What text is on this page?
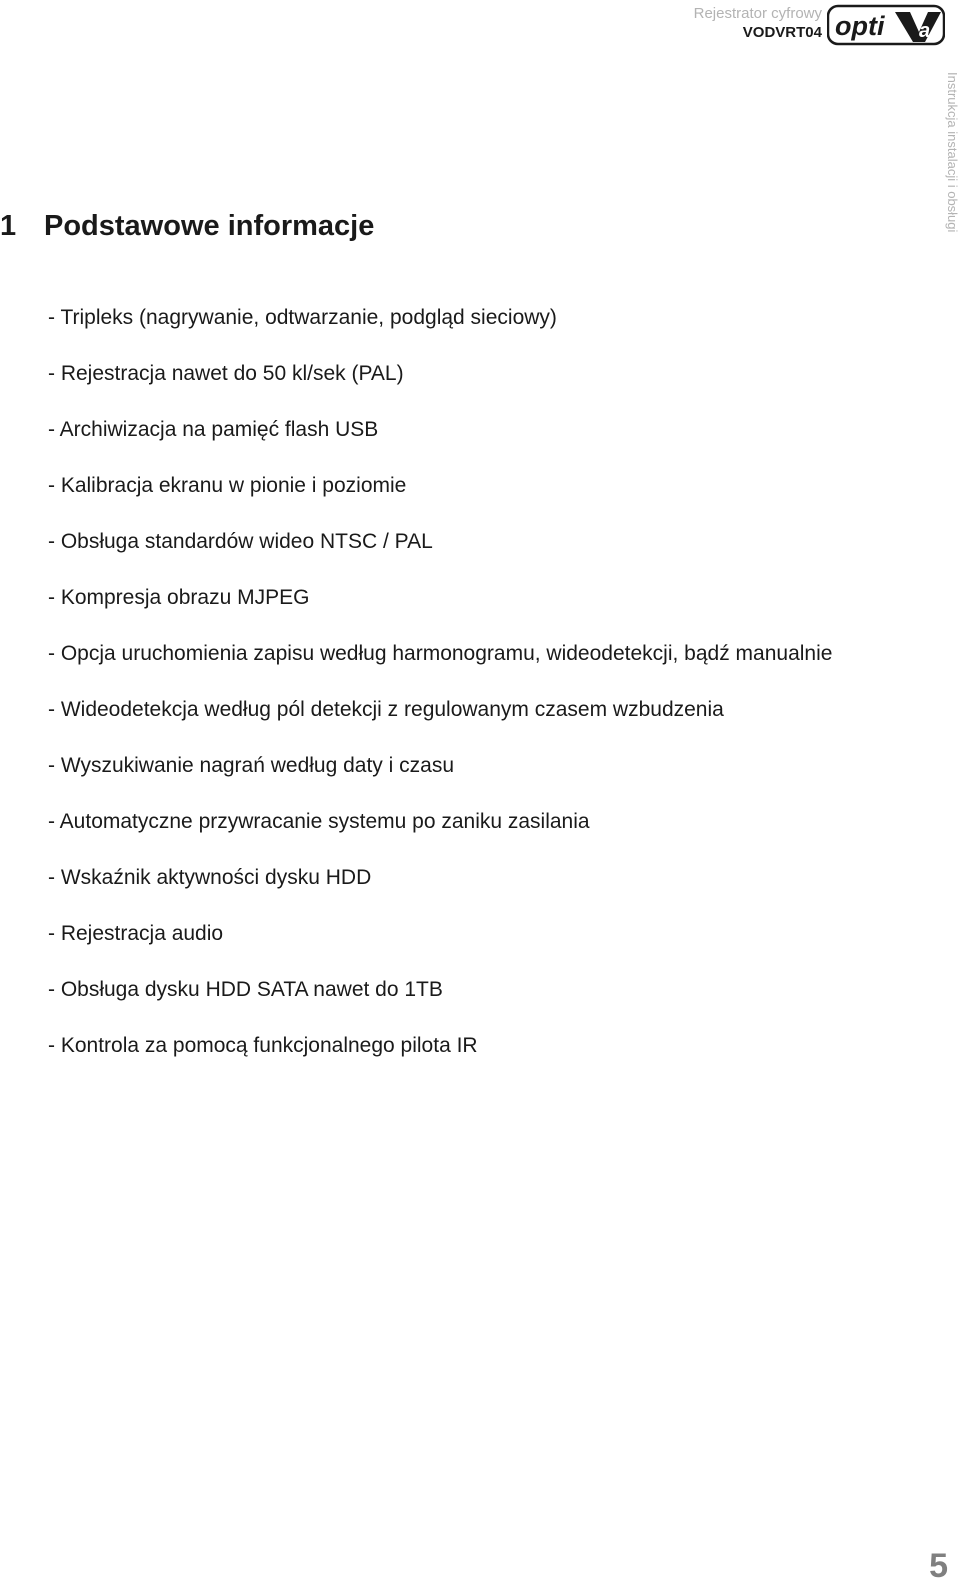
Rejestrator cyfrowy
VODVRT04 opti a
Instrukcja instalacji i obsługi
1 Podstawowe informacje
- Tripleks (nagrywanie, odtwarzanie, podgląd sieciowy)
- Rejestracja nawet do 50 kl/sek (PAL)
- Archiwizacja na pamięć flash USB
- Kalibracja ekranu w pionie i poziomie
- Obsługa standardów wideo NTSC / PAL
- Kompresja obrazu MJPEG
- Opcja uruchomienia zapisu według harmonogramu, wideodetekcji, bądź manualnie
- Wideodetekcja według pól detekcji z regulowanym czasem wzbudzenia
- Wyszukiwanie nagrań według daty i czasu
- Automatyczne przywracanie systemu po zaniku zasilania
- Wskaźnik aktywności dysku HDD
- Rejestracja audio
- Obsługa dysku HDD SATA nawet do 1TB
- Kontrola za pomocą funkcjonalnego pilota IR
5
